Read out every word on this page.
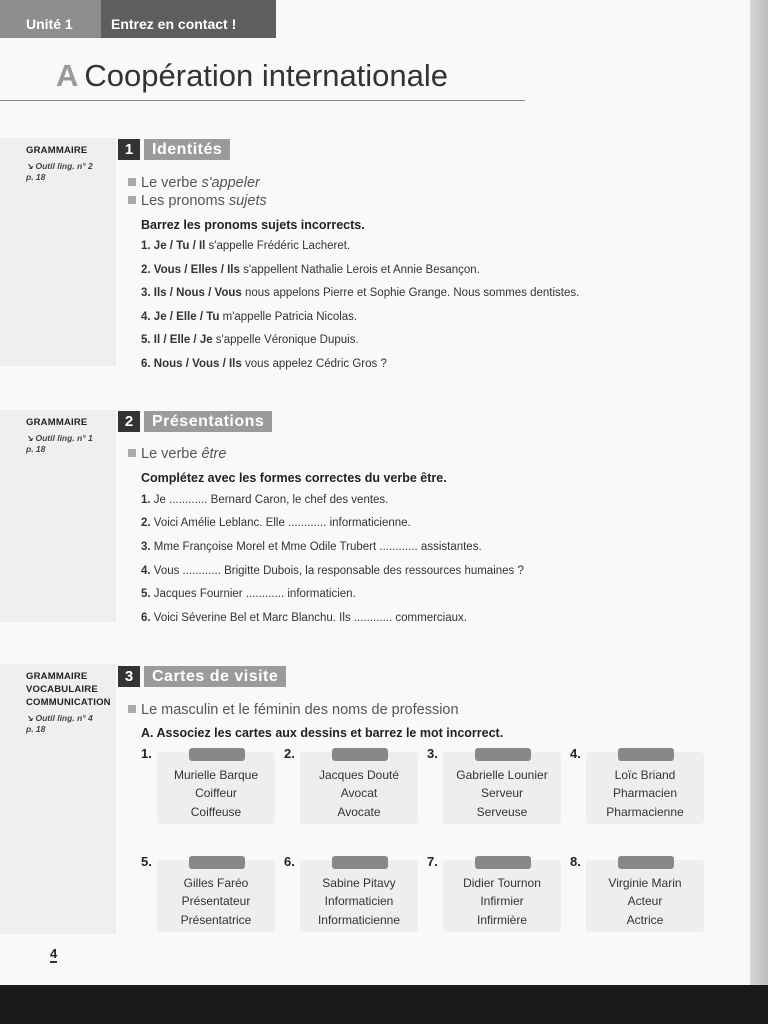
Unité 1	Entrez en contact !
A Coopération internationale
GRAMMAIRE
↘ Outil ling. n° 2
p. 18
1	Identités
Le verbe s'appeler
Les pronoms sujets
Barrez les pronoms sujets incorrects.
1. Je / Tu / Il s'appelle Frédéric Lacheret.
2. Vous / Elles / Ils s'appellent Nathalie Lerois et Annie Besançon.
3. Ils / Nous / Vous nous appelons Pierre et Sophie Grange. Nous sommes dentistes.
4. Je / Elle / Tu m'appelle Patricia Nicolas.
5. Il / Elle / Je s'appelle Véronique Dupuis.
6. Nous / Vous / Ils vous appelez Cédric Gros ?
GRAMMAIRE
↘ Outil ling. n° 1
p. 18
2	Présentations
Le verbe être
Complétez avec les formes correctes du verbe être.
1. Je ............ Bernard Caron, le chef des ventes.
2. Voici Amélie Leblanc. Elle ............ informaticienne.
3. Mme Françoise Morel et Mme Odile Trubert ............ assistantes.
4. Vous ............ Brigitte Dubois, la responsable des ressources humaines ?
5. Jacques Fournier ............ informaticien.
6. Voici Séverine Bel et Marc Blanchu. Ils ............ commerciaux.
GRAMMAIRE
VOCABULAIRE
COMMUNICATION
↘ Outil ling. n° 4
p. 18
3	Cartes de visite
Le masculin et le féminin des noms de profession
A. Associez les cartes aux dessins et barrez le mot incorrect.
1.
Murielle Barque
Coiffeur
Coiffeuse
2.
Jacques Douté
Avocat
Avocate
3.
Gabrielle Lounier
Serveur
Serveuse
4.
Loïc Briand
Pharmacien
Pharmacienne
5.
Gilles Faréo
Présentateur
Présentatrice
6.
Sabine Pitavy
Informaticien
Informaticienne
7.
Didier Tournon
Infirmier
Infirmière
8.
Virginie Marin
Acteur
Actrice
4
